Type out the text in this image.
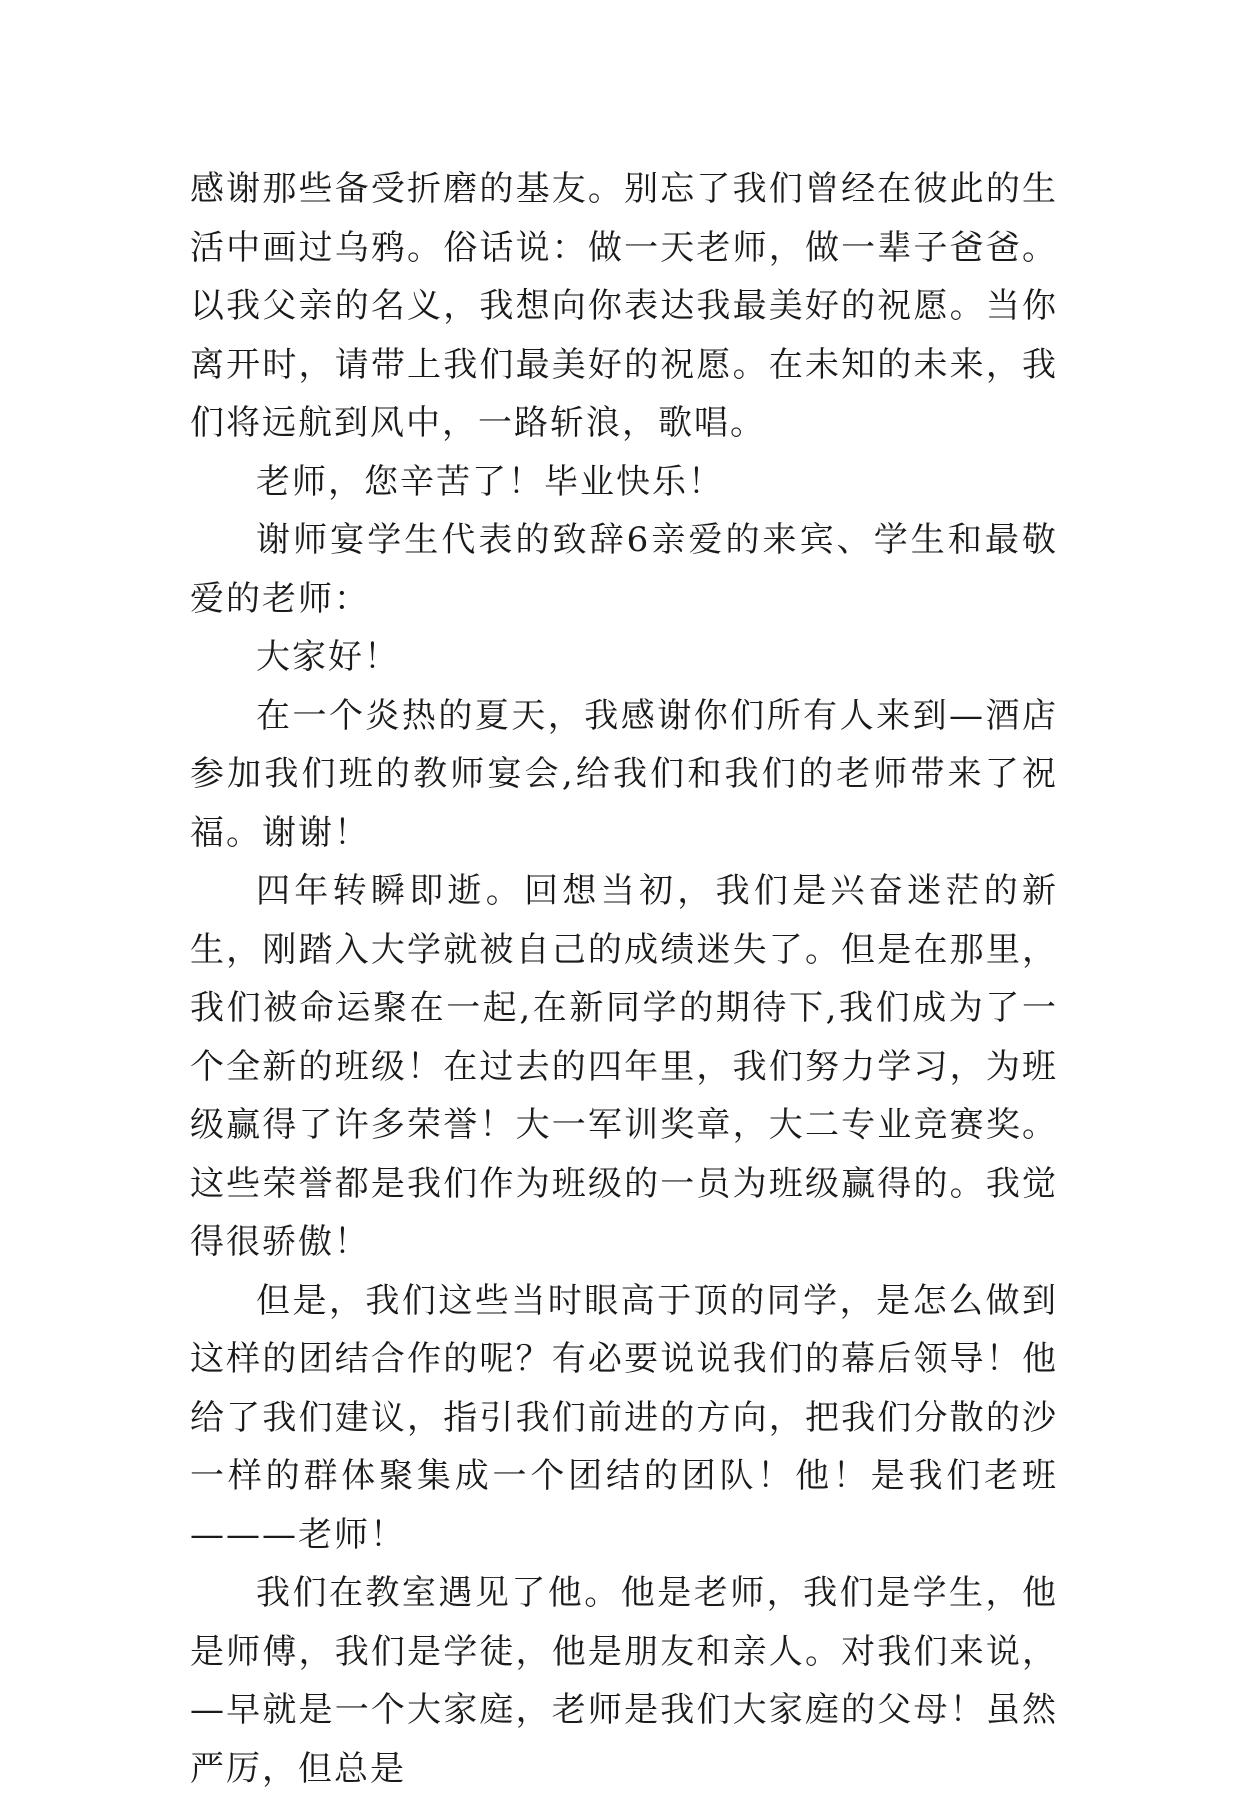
感谢那些备受折磨的基友。别忘了我们曾经在彼此的生活中画过乌鸦。俗话说：做一天老师，做一辈子爸爸。以我父亲的名义，我想向你表达我最美好的祝愿。当你离开时，请带上我们最美好的祝愿。在未知的未来，我们将远航到风中，一路斩浪，歌唱。

老师，您辛苦了！毕业快乐！

谢师宴学生代表的致辞6亲爱的来宾、学生和最敬爱的老师：

大家好！

在一个炎热的夏天，我感谢你们所有人来到—酒店参加我们班的教师宴会,给我们和我们的老师带来了祝福。谢谢！

四年转瞬即逝。回想当初，我们是兴奋迷茫的新生，刚踏入大学就被自己的成绩迷失了。但是在那里，我们被命运聚在一起,在新同学的期待下,我们成为了一个全新的班级！在过去的四年里，我们努力学习，为班级赢得了许多荣誉！大一军训奖章，大二专业竞赛奖。这些荣誉都是我们作为班级的一员为班级赢得的。我觉得很骄傲！

但是，我们这些当时眼高于顶的同学，是怎么做到这样的团结合作的呢？有必要说说我们的幕后领导！他给了我们建议，指引我们前进的方向，把我们分散的沙一样的群体聚集成一个团结的团队！他！是我们老班———老师！

我们在教室遇见了他。他是老师，我们是学生，他是师傅，我们是学徒，他是朋友和亲人。对我们来说，—早就是一个大家庭，老师是我们大家庭的父母！虽然严厉，但总是
